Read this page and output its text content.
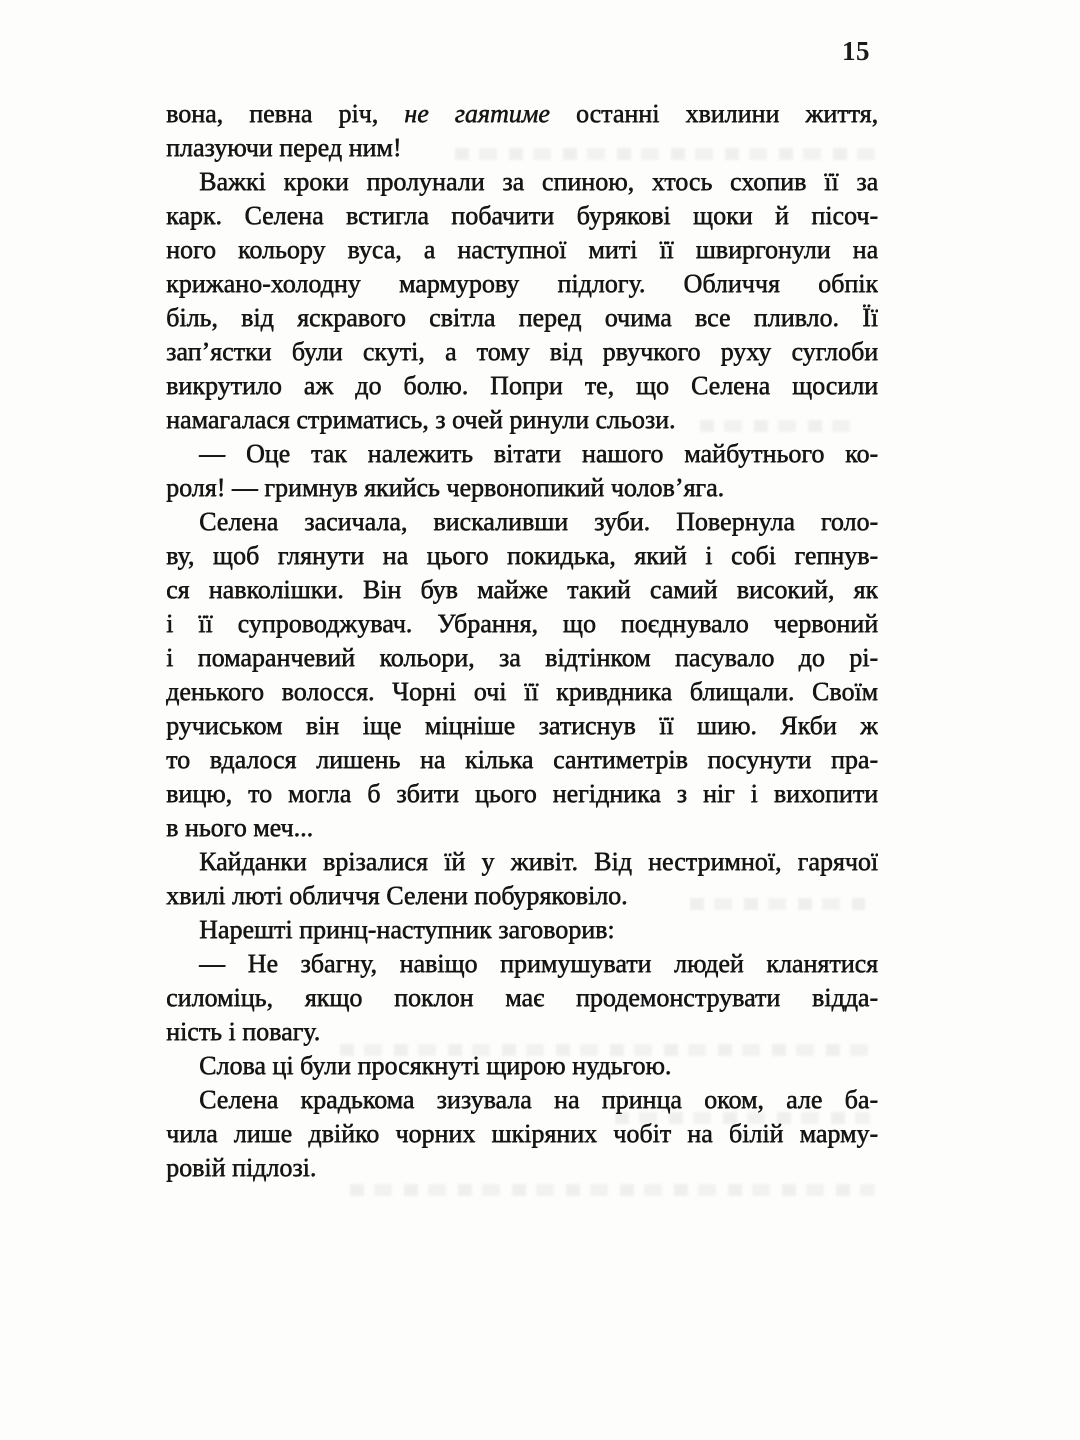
15
вона, певна річ, не гаятиме останні хвилини життя,
плазуючи перед ним!
Важкі кроки пролунали за спиною, хтось схопив її за
карк. Селена встигла побачити бурякові щоки й пісоч-
ного кольору вуса, а наступної миті її швиргонули на
крижано-холодну мармурову підлогу. Обличчя обпік
біль, від яскравого світла перед очима все пливло. Її
зап’ястки були скуті, а тому від рвучкого руху суглоби
викрутило аж до болю. Попри те, що Селена щосили
намагалася стриматись, з очей ринули сльози.
— Оце так належить вітати нашого майбутнього ко-
роля! — гримнув якийсь червонопикий чолов’яга.
Селена засичала, вискаливши зуби. Повернула голо-
ву, щоб глянути на цього покидька, який і собі гепнув-
ся навколішки. Він був майже такий самий високий, як
і її супроводжувач. Убрання, що поєднувало червоний
і помаранчевий кольори, за відтінком пасувало до рі-
денького волосся. Чорні очі її кривдника блищали. Своїм
ручиськом він іще міцніше затиснув її шию. Якби ж
то вдалося лишень на кілька сантиметрів посунути пра-
вицю, то могла б збити цього негідника з ніг і вихопити
в нього меч...
Кайданки врізалися їй у живіт. Від нестримної, гарячої
хвилі люті обличчя Селени побуряковіло.
Нарешті принц-наступник заговорив:
— Не збагну, навіщо примушувати людей кланятися
силоміць, якщо поклон має продемонструвати відда-
ність і повагу.
Слова ці були просякнуті щирою нудьгою.
Селена крадькома зизувала на принца оком, але ба-
чила лише двійко чорних шкіряних чобіт на білій марму-
ровій підлозі.
